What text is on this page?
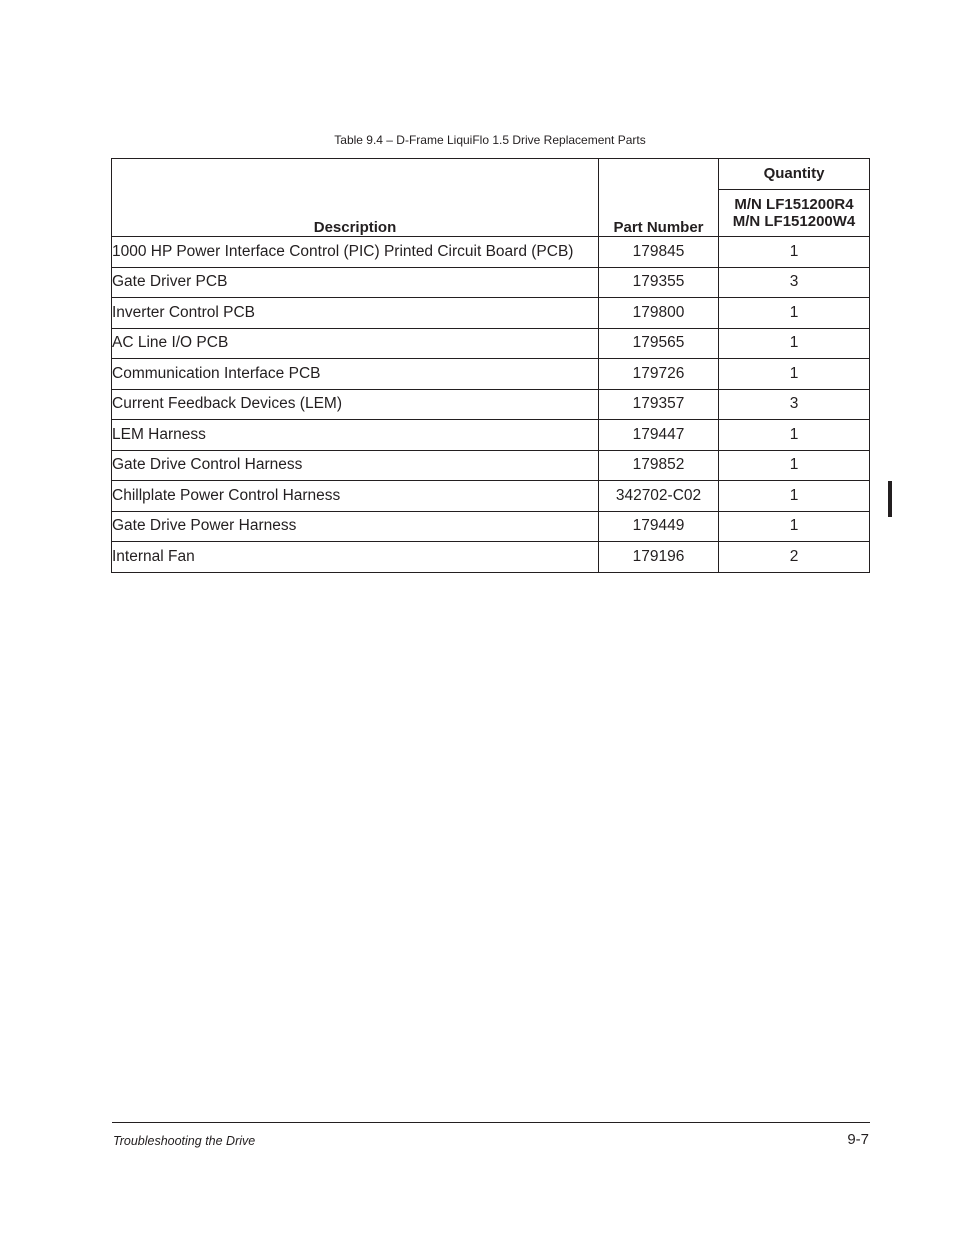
Table 9.4 – D-Frame LiquiFlo 1.5 Drive Replacement Parts
Description	Part Number	Quantity
		M/N LF151200R4
M/N LF151200W4
1000 HP Power Interface Control (PIC) Printed Circuit Board (PCB)	179845	1
Gate Driver PCB	179355	3
Inverter Control PCB	179800	1
AC Line I/O PCB	179565	1
Communication Interface PCB	179726	1
Current Feedback Devices (LEM)	179357	3
LEM Harness	179447	1
Gate Drive Control Harness	179852	1
Chillplate Power Control Harness	342702-C02	1
Gate Drive Power Harness	179449	1
Internal Fan	179196	2
Troubleshooting the Drive	9-7
